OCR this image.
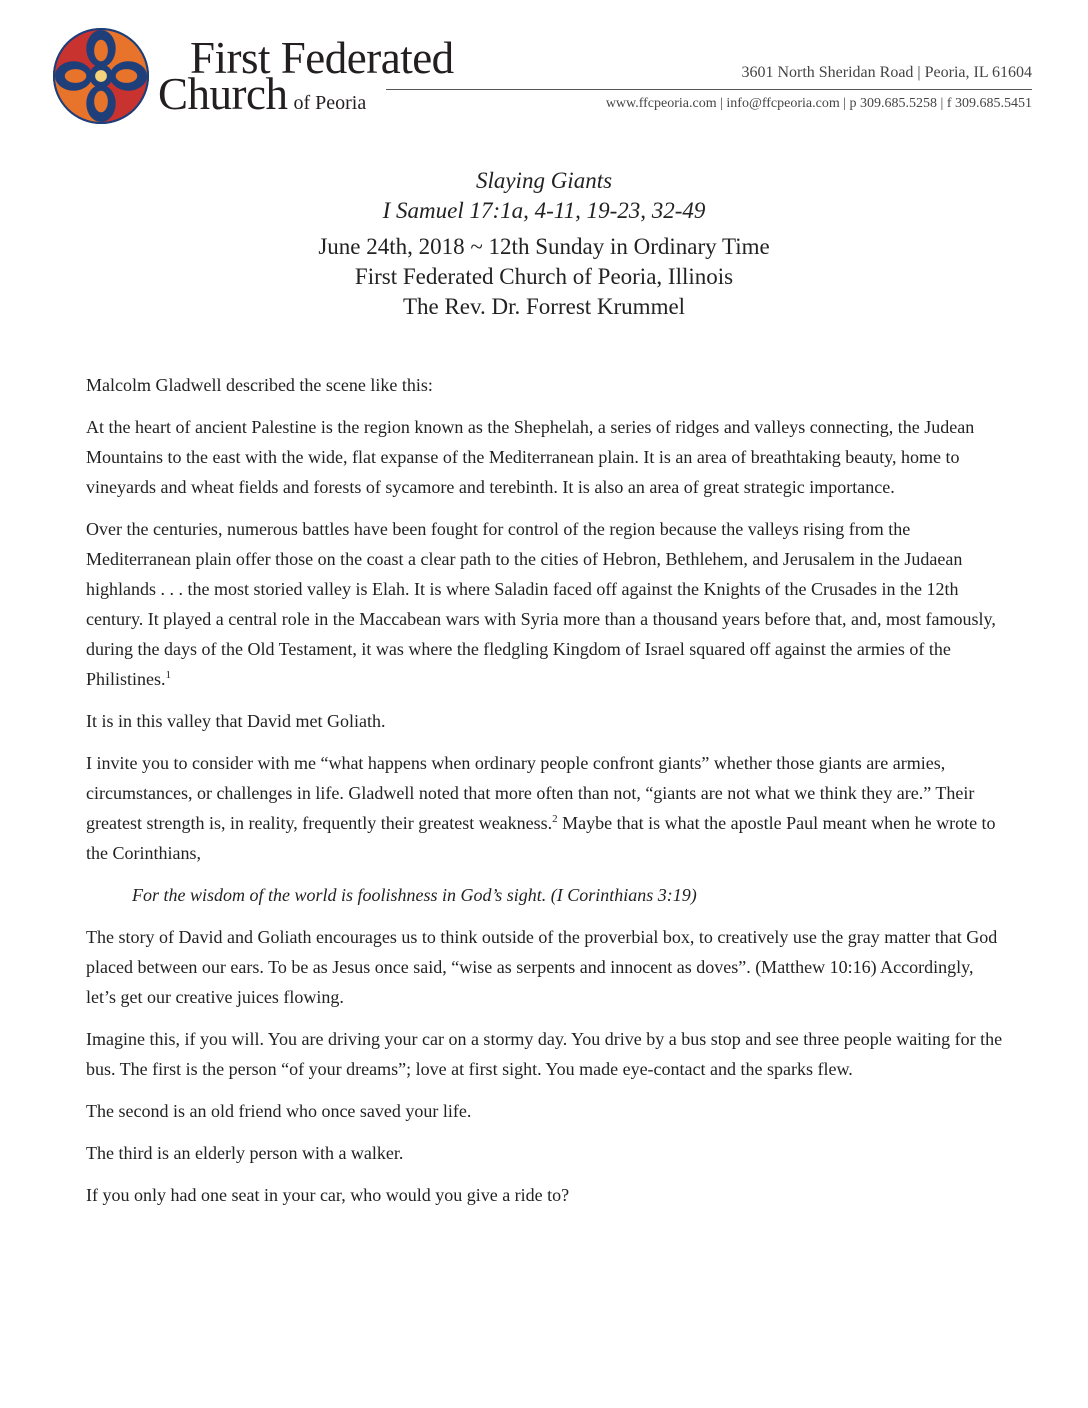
First Federated
Church of Peoria
3601 North Sheridan Road | Peoria, IL 61604
www.ffcpeoria.com | info@ffcpeoria.com | p 309.685.5258 | f 309.685.5451
Slaying Giants
I Samuel 17:1a, 4-11, 19-23, 32-49
June 24th, 2018 ~ 12th Sunday in Ordinary Time
First Federated Church of Peoria, Illinois
The Rev. Dr. Forrest Krummel

Malcolm Gladwell described the scene like this:

At the heart of ancient Palestine is the region known as the Shephelah, a series of ridges and valleys connecting, the Judean Mountains to the east with the wide, flat expanse of the Mediterranean plain. It is an area of breathtaking beauty, home to vineyards and wheat fields and forests of sycamore and terebinth. It is also an area of great strategic importance.

Over the centuries, numerous battles have been fought for control of the region because the valleys rising from the Mediterranean plain offer those on the coast a clear path to the cities of Hebron, Bethlehem, and Jerusalem in the Judaean highlands . . . the most storied valley is Elah. It is where Saladin faced off against the Knights of the Crusades in the 12th century. It played a central role in the Maccabean wars with Syria more than a thousand years before that, and, most famously, during the days of the Old Testament, it was where the fledgling Kingdom of Israel squared off against the armies of the Philistines.$^1$

It is in this valley that David met Goliath.

I invite you to consider with me “what happens when ordinary people confront giants” whether those giants are armies, circumstances, or challenges in life. Gladwell noted that more often than not, “giants are not what we think they are.” Their greatest strength is, in reality, frequently their greatest weakness.$^2$ Maybe that is what the apostle Paul meant when he wrote to the Corinthians,

For the wisdom of the world is foolishness in God’s sight. (I Corinthians 3:19)

The story of David and Goliath encourages us to think outside of the proverbial box, to creatively use the gray matter that God placed between our ears. To be as Jesus once said, “wise as serpents and innocent as doves”. (Matthew 10:16) Accordingly, let’s get our creative juices flowing.

Imagine this, if you will. You are driving your car on a stormy day. You drive by a bus stop and see three people waiting for the bus. The first is the person “of your dreams”; love at first sight. You made eye-contact and the sparks flew.

The second is an old friend who once saved your life.

The third is an elderly person with a walker.

If you only had one seat in your car, who would you give a ride to?
